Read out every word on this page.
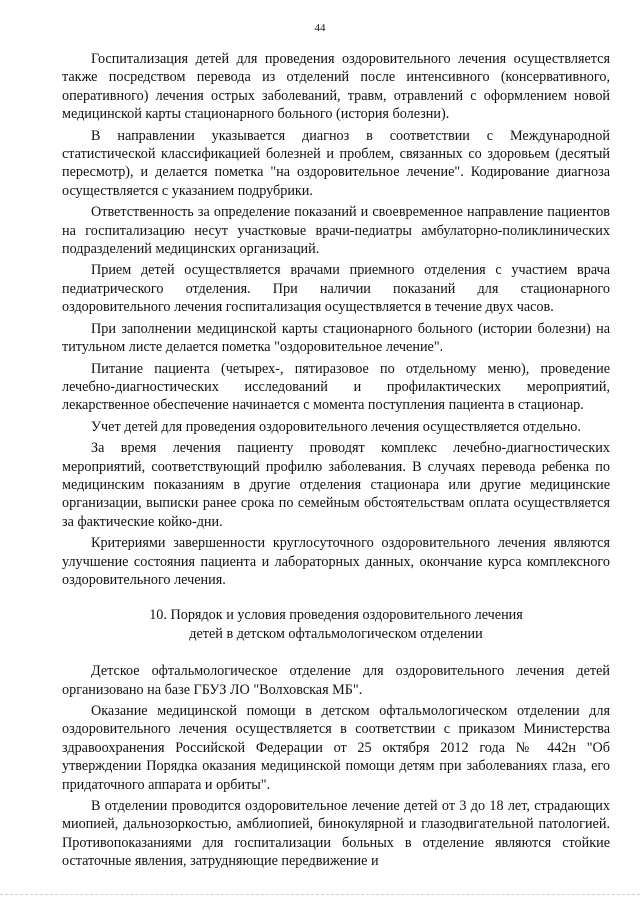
44

Госпитализация детей для проведения оздоровительного лечения осуществляется также посредством перевода из отделений после интенсивного (консервативного, оперативного) лечения острых заболеваний, травм, отравлений с оформлением новой медицинской карты стационарного больного (история болезни).

В направлении указывается диагноз в соответствии с Международной статистической классификацией болезней и проблем, связанных со здоровьем (десятый пересмотр), и делается пометка "на оздоровительное лечение". Кодирование диагноза осуществляется с указанием подрубрики.

Ответственность за определение показаний и своевременное направление пациентов на госпитализацию несут участковые врачи-педиатры амбулаторно-поликлинических подразделений медицинских организаций.

Прием детей осуществляется врачами приемного отделения с участием врача педиатрического отделения. При наличии показаний для стационарного оздоровительного лечения госпитализация осуществляется в течение двух часов.

При заполнении медицинской карты стационарного больного (истории болезни) на титульном листе делается пометка "оздоровительное лечение".

Питание пациента (четырех-, пятиразовое по отдельному меню), проведение лечебно-диагностических исследований и профилактических мероприятий, лекарственное обеспечение начинается с момента поступления пациента в стационар.

Учет детей для проведения оздоровительного лечения осуществляется отдельно.

За время лечения пациенту проводят комплекс лечебно-диагностических мероприятий, соответствующий профилю заболевания. В случаях перевода ребенка по медицинским показаниям в другие отделения стационара или другие медицинские организации, выписки ранее срока по семейным обстоятельствам оплата осуществляется за фактические койко-дни.

Критериями завершенности круглосуточного оздоровительного лечения являются улучшение состояния пациента и лабораторных данных, окончание курса комплексного оздоровительного лечения.

10. Порядок и условия проведения оздоровительного лечения
детей в детском офтальмологическом отделении

Детское офтальмологическое отделение для оздоровительного лечения детей организовано на базе ГБУЗ ЛО "Волховская МБ".

Оказание медицинской помощи в детском офтальмологическом отделении для оздоровительного лечения осуществляется в соответствии с приказом Министерства здравоохранения Российской Федерации от 25 октября 2012 года № 442н "Об утверждении Порядка оказания медицинской помощи детям при заболеваниях глаза, его придаточного аппарата и орбиты".

В отделении проводится оздоровительное лечение детей от 3 до 18 лет, страдающих миопией, дальнозоркостью, амблиопией, бинокулярной и глазодвигательной патологией. Противопоказаниями для госпитализации больных в отделение являются стойкие остаточные явления, затрудняющие передвижение и
